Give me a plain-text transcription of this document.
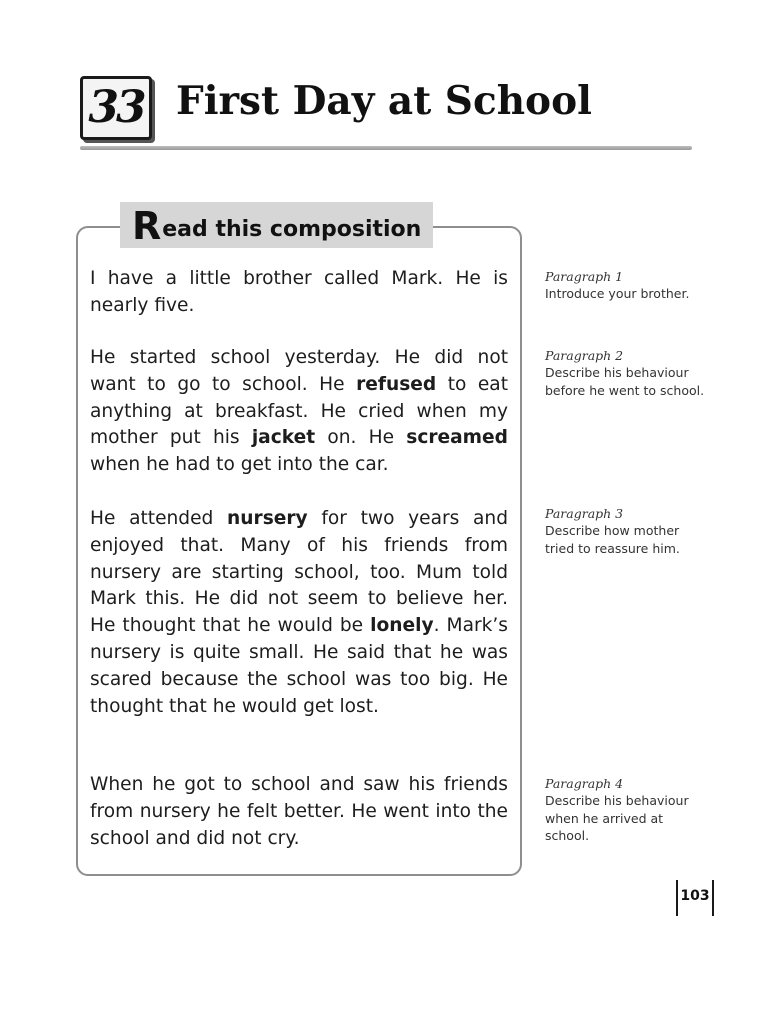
33 First Day at School
R ead this composition

I have a little brother called Mark. He is nearly five.

He started school yesterday. He did not want to go to school. He refused to eat anything at breakfast. He cried when my mother put his jacket on. He screamed when he had to get into the car.

He attended nursery for two years and enjoyed that. Many of his friends from nursery are starting school, too. Mum told Mark this. He did not seem to believe her. He thought that he would be lonely. Mark’s nursery is quite small. He said that he was scared because the school was too big. He thought that he would get lost.

When he got to school and saw his friends from nursery he felt better. He went into the school and did not cry.

Paragraph 1

Introduce your brother.

Paragraph 2

Describe his behaviour before he went to school.

Paragraph 3

Describe how mother tried to reassure him.

Paragraph 4

Describe his behaviour when he arrived at school.

103
